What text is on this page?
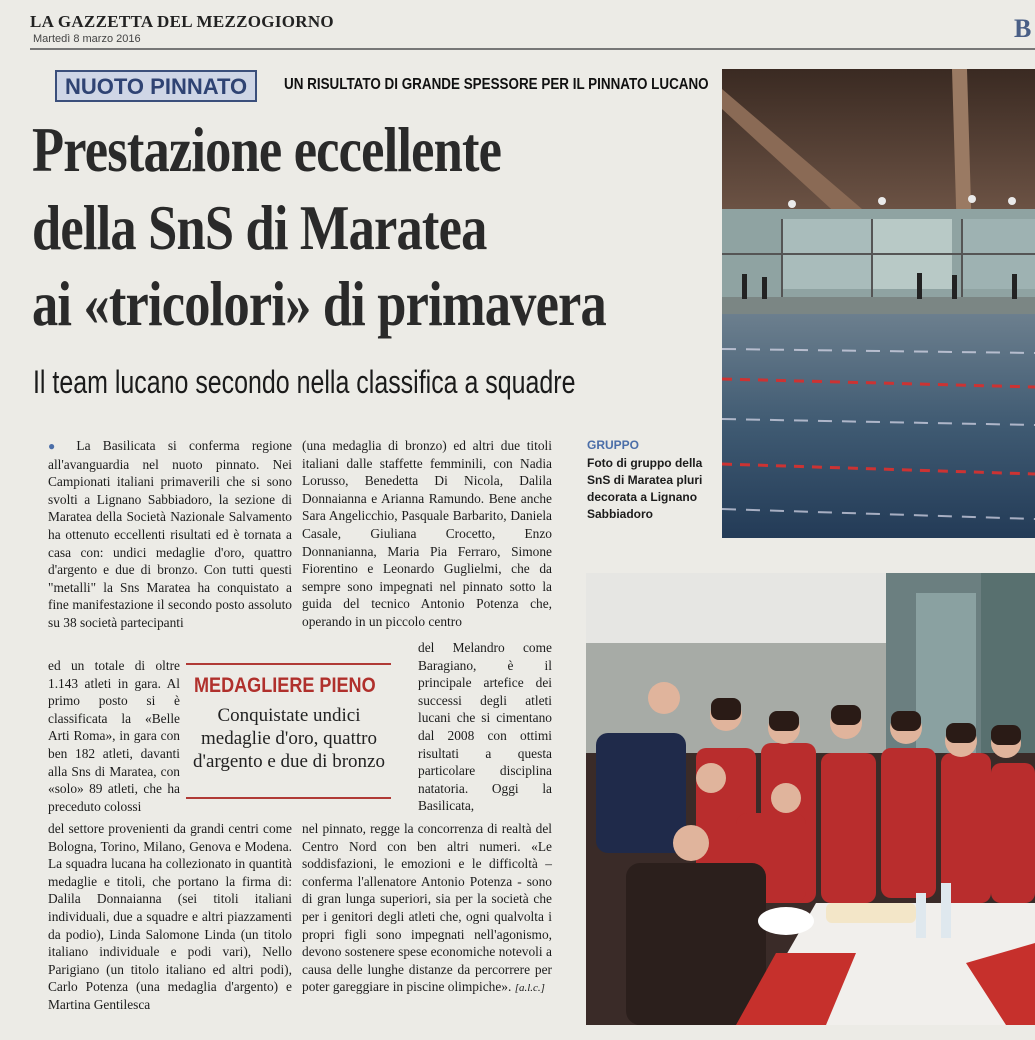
LA GAZZETTA DEL MEZZOGIORNO
Martedì 8 marzo 2016	B
NUOTO PINNATO	UN RISULTATO DI GRANDE SPESSORE PER IL PINNATO LUCANO
Prestazione eccellente
della SnS di Maratea
ai «tricolori» di primavera
Il team lucano secondo nella classifica a squadre

● La Basilicata si conferma regione all'avanguardia nel nuoto pinnato. Nei Campionati italiani primaverili che si sono svolti a Lignano Sabbiadoro, la sezione di Maratea della Società Nazionale Salvamento ha ottenuto eccellenti risultati ed è tornata a casa con: undici medaglie d'oro, quattro d'argento e due di bronzo. Con tutti questi "metalli" la Sns Maratea ha conquistato a fine manifestazione il secondo posto assoluto su 38 società partecipanti

ed un totale di oltre 1.143 atleti in gara. Al primo posto si è classificata la «Belle Arti Roma», in gara con ben 182 atleti, davanti alla Sns di Maratea, con «solo» 89 atleti, che ha preceduto colossi

del settore provenienti da grandi centri come Bologna, Torino, Milano, Genova e Modena. La squadra lucana ha collezionato in quantità medaglie e titoli, che portano la firma di: Dalila Donnaianna (sei titoli italiani individuali, due a squadre e altri piazzamenti da podio), Linda Salomone Linda (un titolo italiano individuale e podi vari), Nello Parigiano (un titolo italiano ed altri podi), Carlo Potenza (una medaglia d'argento) e Martina Gentilesca

(una medaglia di bronzo) ed altri due titoli italiani dalle staffette femminili, con Nadia Lorusso, Benedetta Di Nicola, Dalila Donnaianna e Arianna Ramundo. Bene anche Sara Angelicchio, Pasquale Barbarito, Daniela Casale, Giuliana Crocetto, Enzo Donnanianna, Maria Pia Ferraro, Simone Fiorentino e Leonardo Guglielmi, che da sempre sono impegnati nel pinnato sotto la guida del tecnico Antonio Potenza che, operando in un piccolo centro

del Melandro come Baragiano, è il principale artefice dei successi degli atleti lucani che si cimentano dal 2008 con ottimi risultati a questa particolare disciplina natatoria. Oggi la Basilicata,

nel pinnato, regge la concorrenza di realtà del Centro Nord con ben altri numeri. «Le soddisfazioni, le emozioni e le difficoltà – conferma l'allenatore Antonio Potenza - sono di gran lunga superiori, sia per la società che per i genitori degli atleti che, ogni qualvolta i propri figli sono impegnati nell'agonismo, devono sostenere spese economiche notevoli a causa delle lunghe distanze da percorrere per poter gareggiare in piscine olimpiche». [a.l.c.]

MEDAGLIERE PIENO
Conquistate undici medaglie d'oro, quattro d'argento e due di bronzo
GRUPPO
Foto di gruppo della SnS di Maratea pluri decorata a Lignano Sabbiadoro
